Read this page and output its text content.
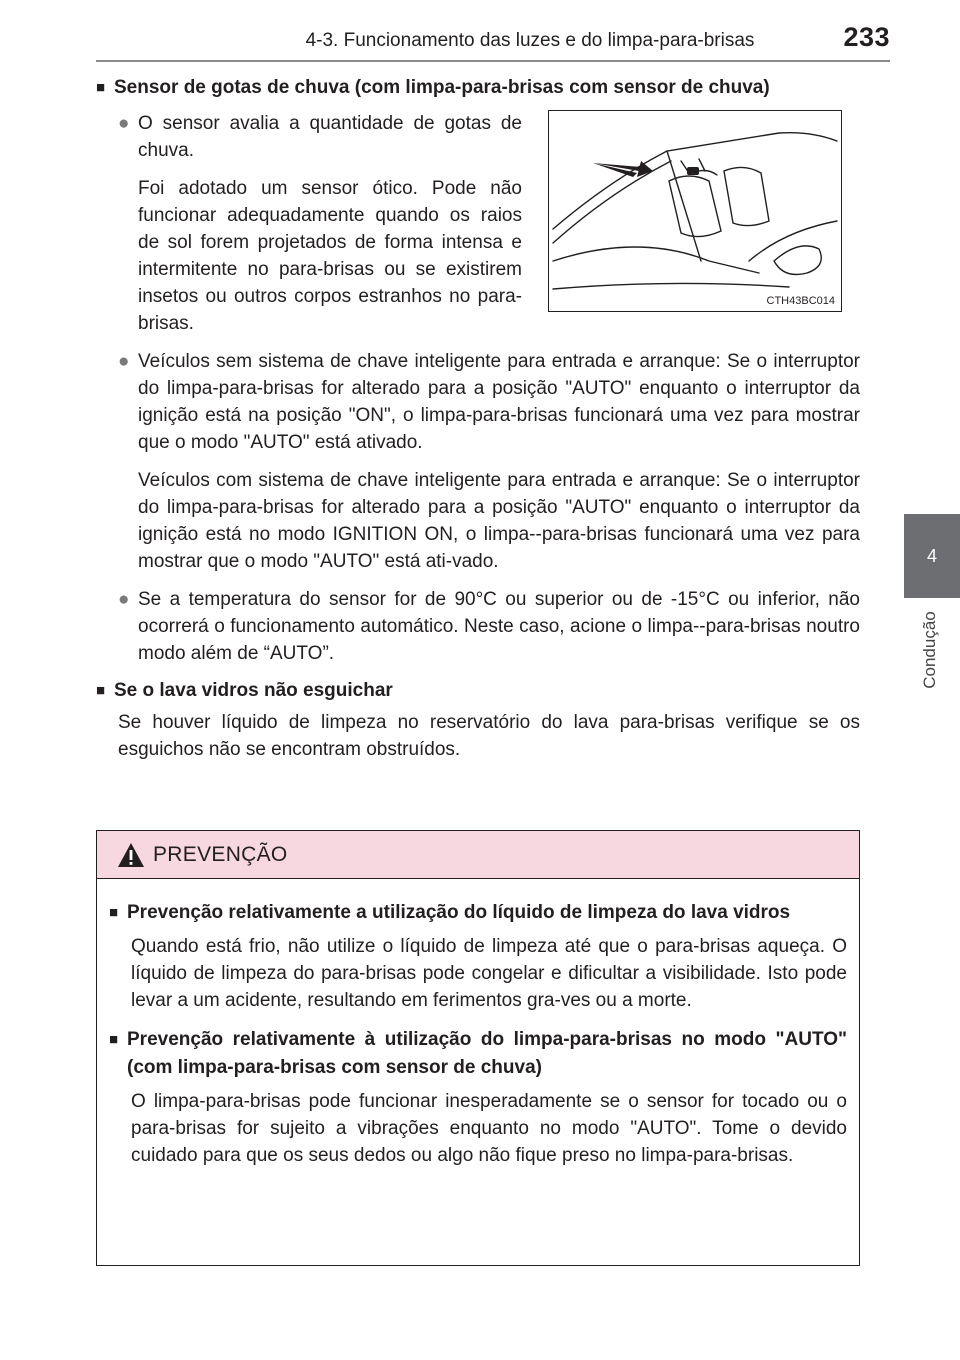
4-3. Funcionamento das luzes e do limpa-para-brisas	233
4
Condução
■ Sensor de gotas de chuva (com limpa-para-brisas com sensor de chuva)
● O sensor avalia a quantidade de gotas de chuva.
Foi adotado um sensor ótico. Pode não funcionar adequadamente quando os raios de sol forem projetados de forma intensa e intermitente no para-brisas ou se existirem insetos ou outros corpos estranhos no para-brisas.
CTH43BC014
● Veículos sem sistema de chave inteligente para entrada e arranque: Se o interruptor do limpa-para-brisas for alterado para a posição "AUTO" enquanto o interruptor da ignição está na posição "ON", o limpa-para-brisas funcionará uma vez para mostrar que o modo "AUTO" está ativado.
Veículos com sistema de chave inteligente para entrada e arranque: Se o interruptor do limpa-para-brisas for alterado para a posição "AUTO" enquanto o interruptor da ignição está no modo IGNITION ON, o limpa--para-brisas funcionará uma vez para mostrar que o modo "AUTO" está ati-vado.
● Se a temperatura do sensor for de 90°C ou superior ou de -15°C ou inferior, não ocorrerá o funcionamento automático. Neste caso, acione o limpa--para-brisas noutro modo além de “AUTO”.
■ Se o lava vidros não esguichar
Se houver líquido de limpeza no reservatório do lava para-brisas verifique se os esguichos não se encontram obstruídos.
PREVENÇÃO
■ Prevenção relativamente a utilização do líquido de limpeza do lava vidros
Quando está frio, não utilize o líquido de limpeza até que o para-brisas aqueça. O líquido de limpeza do para-brisas pode congelar e dificultar a visibilidade. Isto pode levar a um acidente, resultando em ferimentos gra-ves ou a morte.
■ Prevenção relativamente à utilização do limpa-para-brisas no modo "AUTO" (com limpa-para-brisas com sensor de chuva)
O limpa-para-brisas pode funcionar inesperadamente se o sensor for tocado ou o para-brisas for sujeito a vibrações enquanto no modo "AUTO". Tome o devido cuidado para que os seus dedos ou algo não fique preso no limpa-para-brisas.
